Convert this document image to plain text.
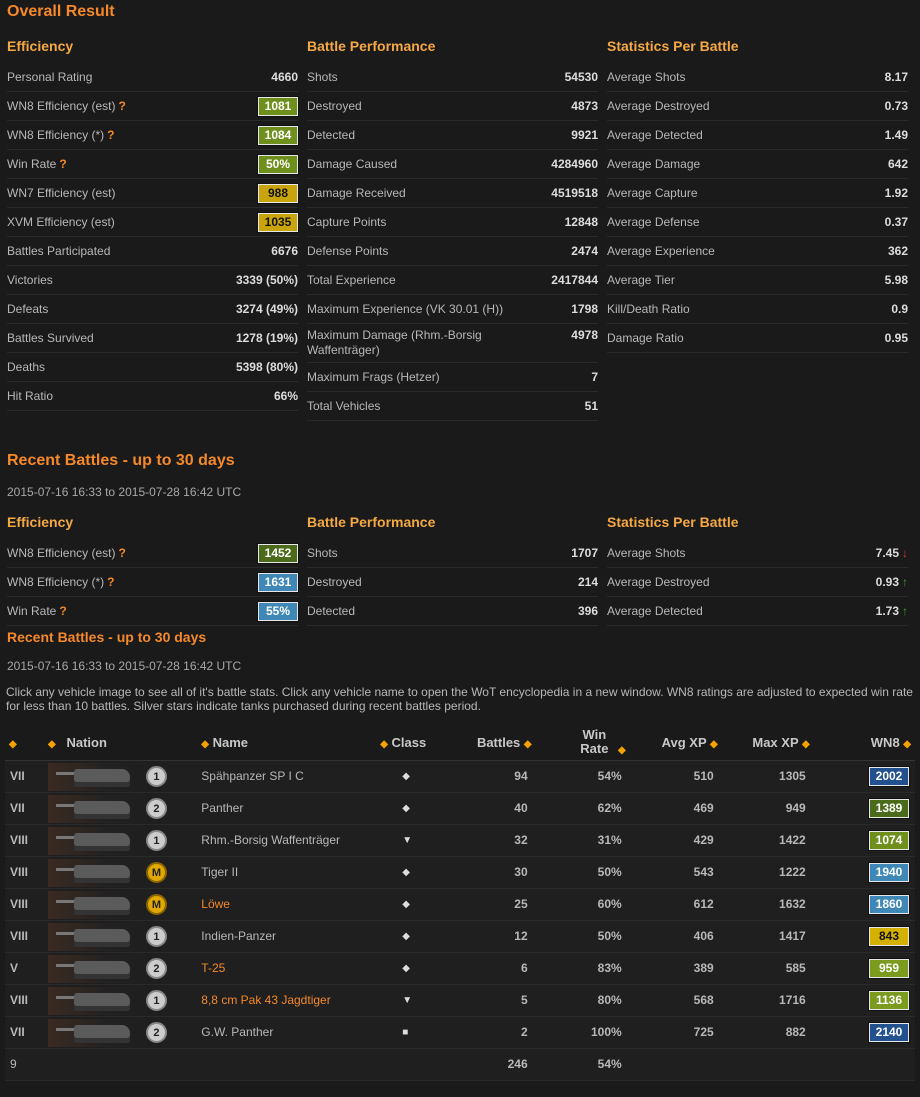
Overall Result
Efficiency
Personal Rating	4660
WN8 Efficiency (est) ?	1081
WN8 Efficiency (*) ?	1084
Win Rate ?	50%
WN7 Efficiency (est)	988
XVM Efficiency (est)	1035
Battles Participated	6676
Victories	3339 (50%)
Defeats	3274 (49%)
Battles Survived	1278 (19%)
Deaths	5398 (80%)
Hit Ratio	66%
Battle Performance
Shots	54530
Destroyed	4873
Detected	9921
Damage Caused	4284960
Damage Received	4519518
Capture Points	12848
Defense Points	2474
Total Experience	2417844
Maximum Experience (VK 30.01 (H))	1798
Maximum Damage (Rhm.-Borsig Waffenträger)
4978
Maximum Frags (Hetzer)	7
Total Vehicles	51
Statistics Per Battle
Average Shots	8.17
Average Destroyed	0.73
Average Detected	1.49
Average Damage	642
Average Capture	1.92
Average Defense	0.37
Average Experience	362
Average Tier	5.98
Kill/Death Ratio	0.9
Damage Ratio	0.95
Recent Battles - up to 30 days
2015-07-16 16:33 to 2015-07-28 16:42 UTC
Efficiency
WN8 Efficiency (est) ?	1452
WN8 Efficiency (*) ?	1631
Win Rate ?	55%
Battle Performance
Shots	1707
Destroyed	214
Detected	396
Statistics Per Battle
Average Shots	7.45 ↓
Average Destroyed	0.93 ↑
Average Detected	1.73 ↑
Recent Battles - up to 30 days
2015-07-16 16:33 to 2015-07-28 16:42 UTC
Click any vehicle image to see all of it's battle stats. Click any vehicle name to open the WoT encyclopedia in a new window. WN8 ratings are adjusted to expected win rate for less than 10 battles. Silver stars indicate tanks purchased during recent battles period.
◆	◆ Nation	◆ Name	◆ Class	Battles ◆	Win Rate ◆	Avg XP ◆	Max XP ◆	WN8 ◆
VII	1	Spähpanzer SP I C	◆	94	54%	510	1305	2002
VII	2	Panther	◆	40	62%	469	949	1389
VIII	1	Rhm.-Borsig Waffenträger	▼	32	31%	429	1422	1074
VIII	M	Tiger II	◆	30	50%	543	1222	1940
VIII	M	Löwe	◆	25	60%	612	1632	1860
VIII	1	Indien-Panzer	◆	12	50%	406	1417	843
V	2	T-25	◆	6	83%	389	585	959
VIII	1	8,8 cm Pak 43 Jagdtiger	▼	5	80%	568	1716	1136
VII	2	G.W. Panther	■	2	100%	725	882	2140
9				246	54%			
